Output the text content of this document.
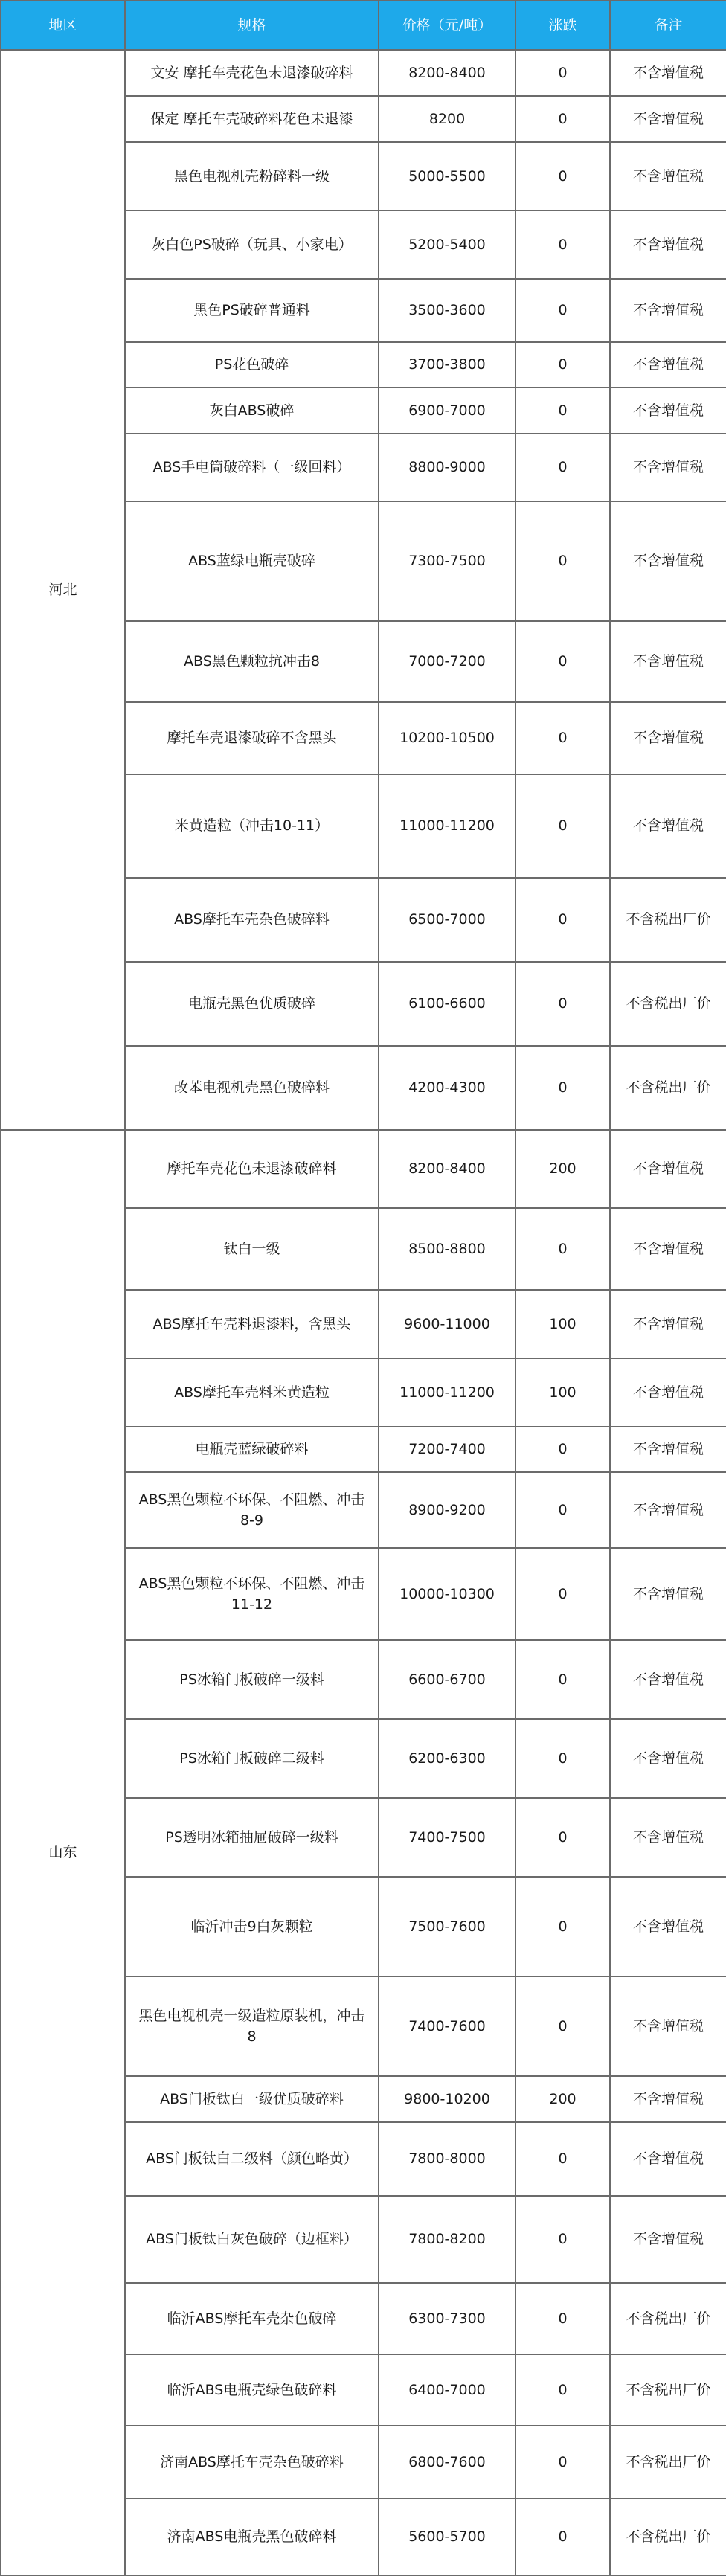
地区	规格	价格（元/吨）	涨跌	备注
河北	文安 摩托车壳花色未退漆破碎料	8200-8400	0	不含增值税
	保定 摩托车壳破碎料花色未退漆	8200	0	不含增值税
	黑色电视机壳粉碎料一级	5000-5500	0	不含增值税
	灰白色PS破碎（玩具、小家电）	5200-5400	0	不含增值税
	黑色PS破碎普通料	3500-3600	0	不含增值税
	PS花色破碎	3700-3800	0	不含增值税
	灰白ABS破碎	6900-7000	0	不含增值税
	ABS手电筒破碎料（一级回料）	8800-9000	0	不含增值税
	ABS蓝绿电瓶壳破碎	7300-7500	0	不含增值税
	ABS黑色颗粒抗冲击8	7000-7200	0	不含增值税
	摩托车壳退漆破碎不含黑头	10200-10500	0	不含增值税
	米黄造粒（冲击10-11）	11000-11200	0	不含增值税
	ABS摩托车壳杂色破碎料	6500-7000	0	不含税出厂价
	电瓶壳黑色优质破碎	6100-6600	0	不含税出厂价
	改苯电视机壳黑色破碎料	4200-4300	0	不含税出厂价
山东	摩托车壳花色未退漆破碎料	8200-8400	200	不含增值税
	钛白一级	8500-8800	0	不含增值税
	ABS摩托车壳料退漆料，含黑头	9600-11000	100	不含增值税
	ABS摩托车壳料米黄造粒	11000-11200	100	不含增值税
	电瓶壳蓝绿破碎料	7200-7400	0	不含增值税
	ABS黑色颗粒不环保、不阻燃、冲击8-9	8900-9200	0	不含增值税
	ABS黑色颗粒不环保、不阻燃、冲击11-12	10000-10300	0	不含增值税
	PS冰箱门板破碎一级料	6600-6700	0	不含增值税
	PS冰箱门板破碎二级料	6200-6300	0	不含增值税
	PS透明冰箱抽屉破碎一级料	7400-7500	0	不含增值税
	临沂冲击9白灰颗粒	7500-7600	0	不含增值税
	黑色电视机壳一级造粒原装机，冲击8	7400-7600	0	不含增值税
	ABS门板钛白一级优质破碎料	9800-10200	200	不含增值税
	ABS门板钛白二级料（颜色略黄）	7800-8000	0	不含增值税
	ABS门板钛白灰色破碎（边框料）	7800-8200	0	不含增值税
	临沂ABS摩托车壳杂色破碎	6300-7300	0	不含税出厂价
	临沂ABS电瓶壳绿色破碎料	6400-7000	0	不含税出厂价
	济南ABS摩托车壳杂色破碎料	6800-7600	0	不含税出厂价
	济南ABS电瓶壳黑色破碎料	5600-5700	0	不含税出厂价
